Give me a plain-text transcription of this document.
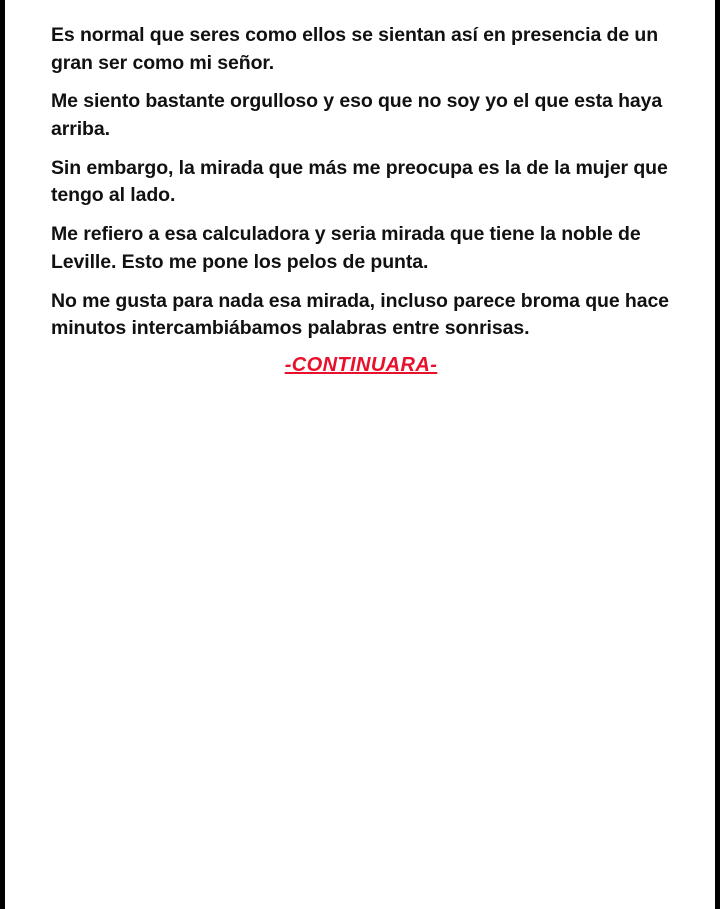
Es normal que seres como ellos se sientan así en presencia de un gran ser como mi señor.

Me siento bastante orgulloso y eso que no soy yo el que esta haya arriba.

Sin embargo, la mirada que más me preocupa es la de la mujer que tengo al lado.

Me refiero a esa calculadora y seria mirada que tiene la noble de Leville. Esto me pone los pelos de punta.

No me gusta para nada esa mirada, incluso parece broma que hace minutos intercambiábamos palabras entre sonrisas.

-CONTINUARA-
